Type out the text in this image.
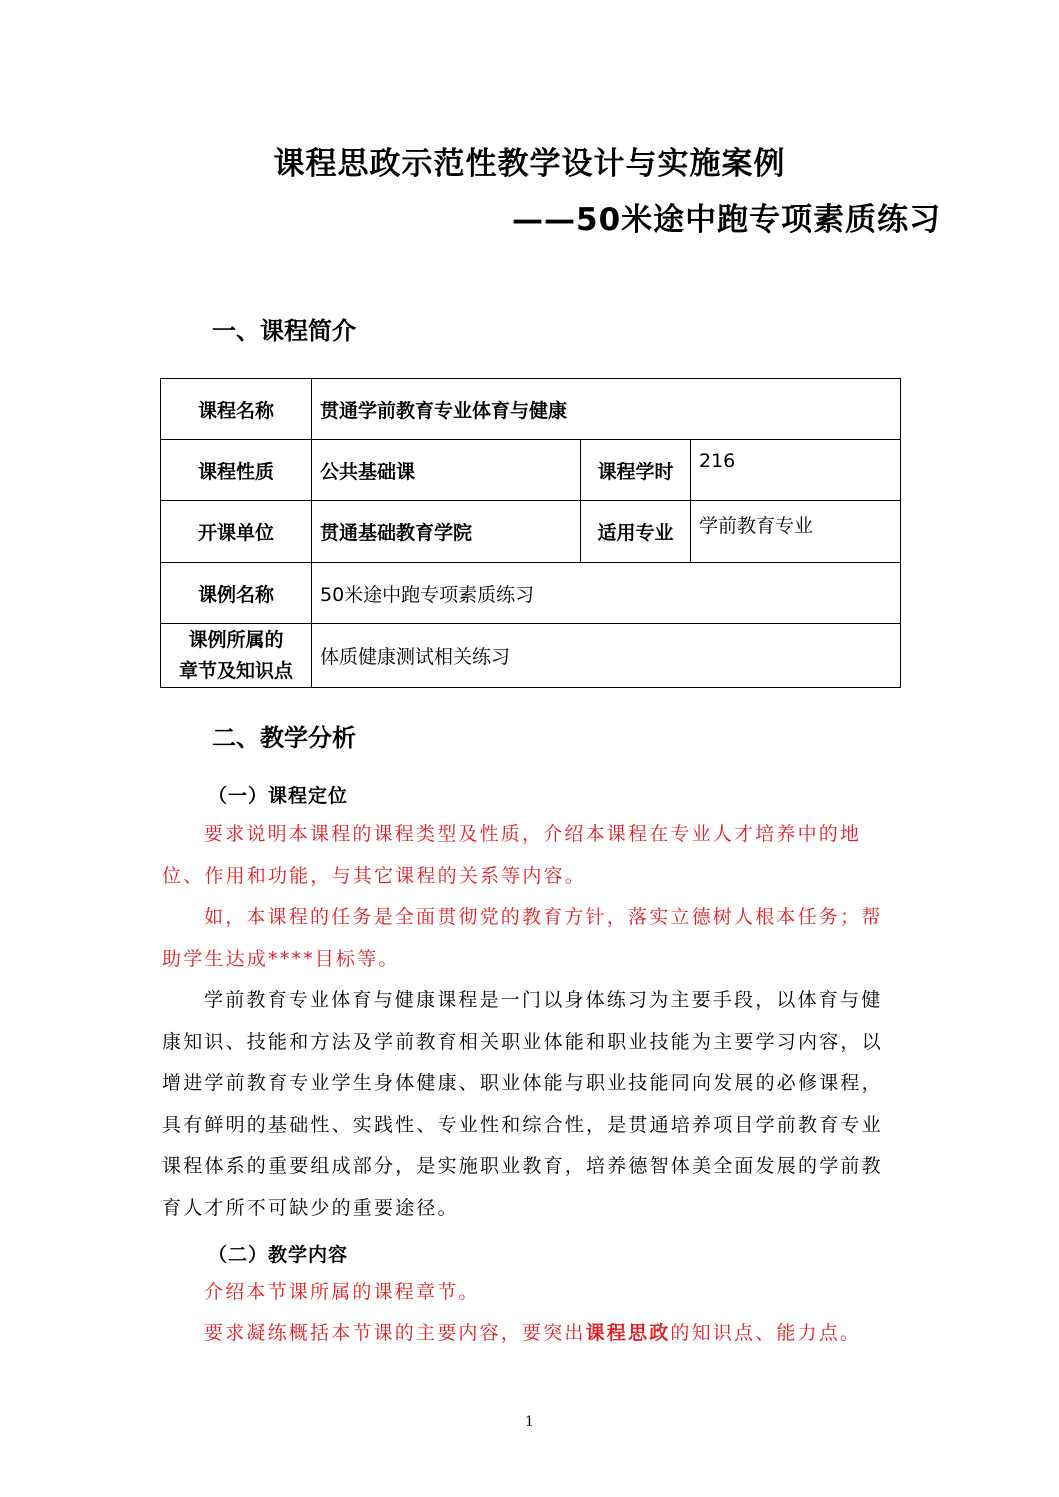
课程思政示范性教学设计与实施案例
——50米途中跑专项素质练习
一、课程简介
课程名称	贯通学前教育专业体育与健康		
课程性质	公共基础课	课程学时	216
开课单位	贯通基础教育学院	适用专业	学前教育专业
课例名称	50米途中跑专项素质练习		

课例所属的
章节及知识点	体质健康测试相关练习		
二、教学分析
（一）课程定位

要求说明本课程的课程类型及性质，介绍本课程在专业人才培养中的地位、作用和功能，与其它课程的关系等内容。

如，本课程的任务是全面贯彻党的教育方针，落实立德树人根本任务；帮助学生达成****目标等。

学前教育专业体育与健康课程是一门以身体练习为主要手段，以体育与健康知识、技能和方法及学前教育相关职业体能和职业技能为主要学习内容，以增进学前教育专业学生身体健康、职业体能与职业技能同向发展的必修课程，具有鲜明的基础性、实践性、专业性和综合性，是贯通培养项目学前教育专业课程体系的重要组成部分，是实施职业教育，培养德智体美全面发展的学前教育人才所不可缺少的重要途径。

（二）教学内容

介绍本节课所属的课程章节。

要求凝练概括本节课的主要内容，要突出课程思政的知识点、能力点。

1
